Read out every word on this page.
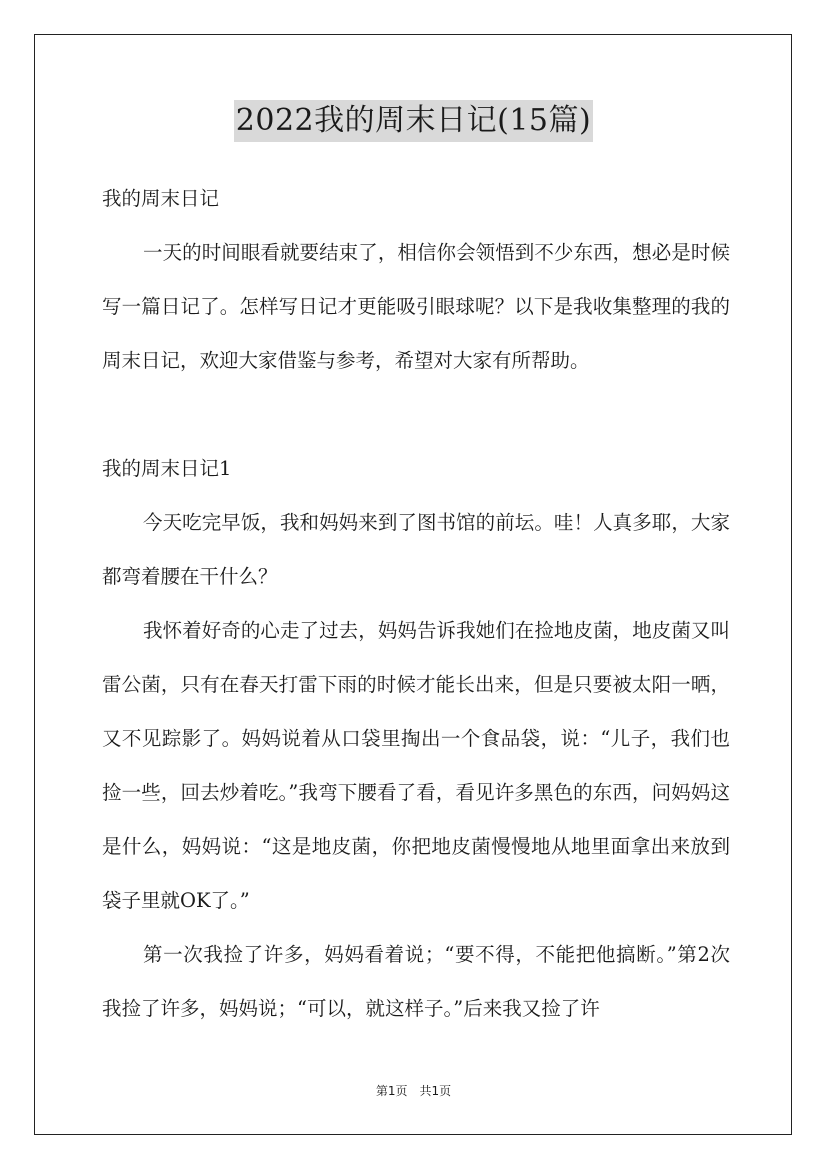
2022我的周末日记(15篇)

我的周末日记

一天的时间眼看就要结束了，相信你会领悟到不少东西，想必是时候写一篇日记了。怎样写日记才更能吸引眼球呢？以下是我收集整理的我的周末日记，欢迎大家借鉴与参考，希望对大家有所帮助。

我的周末日记1

今天吃完早饭，我和妈妈来到了图书馆的前坛。哇！人真多耶，大家都弯着腰在干什么？

我怀着好奇的心走了过去，妈妈告诉我她们在捡地皮菌，地皮菌又叫雷公菌，只有在春天打雷下雨的时候才能长出来，但是只要被太阳一晒，又不见踪影了。妈妈说着从口袋里掏出一个食品袋，说：“儿子，我们也捡一些，回去炒着吃。”我弯下腰看了看，看见许多黑色的东西，问妈妈这是什么，妈妈说：“这是地皮菌，你把地皮菌慢慢地从地里面拿出来放到袋子里就OK了。”

第一次我捡了许多，妈妈看着说；“要不得，不能把他搞断。”第2次我捡了许多，妈妈说；“可以，就这样子。”后来我又捡了许

第1页 共1页
